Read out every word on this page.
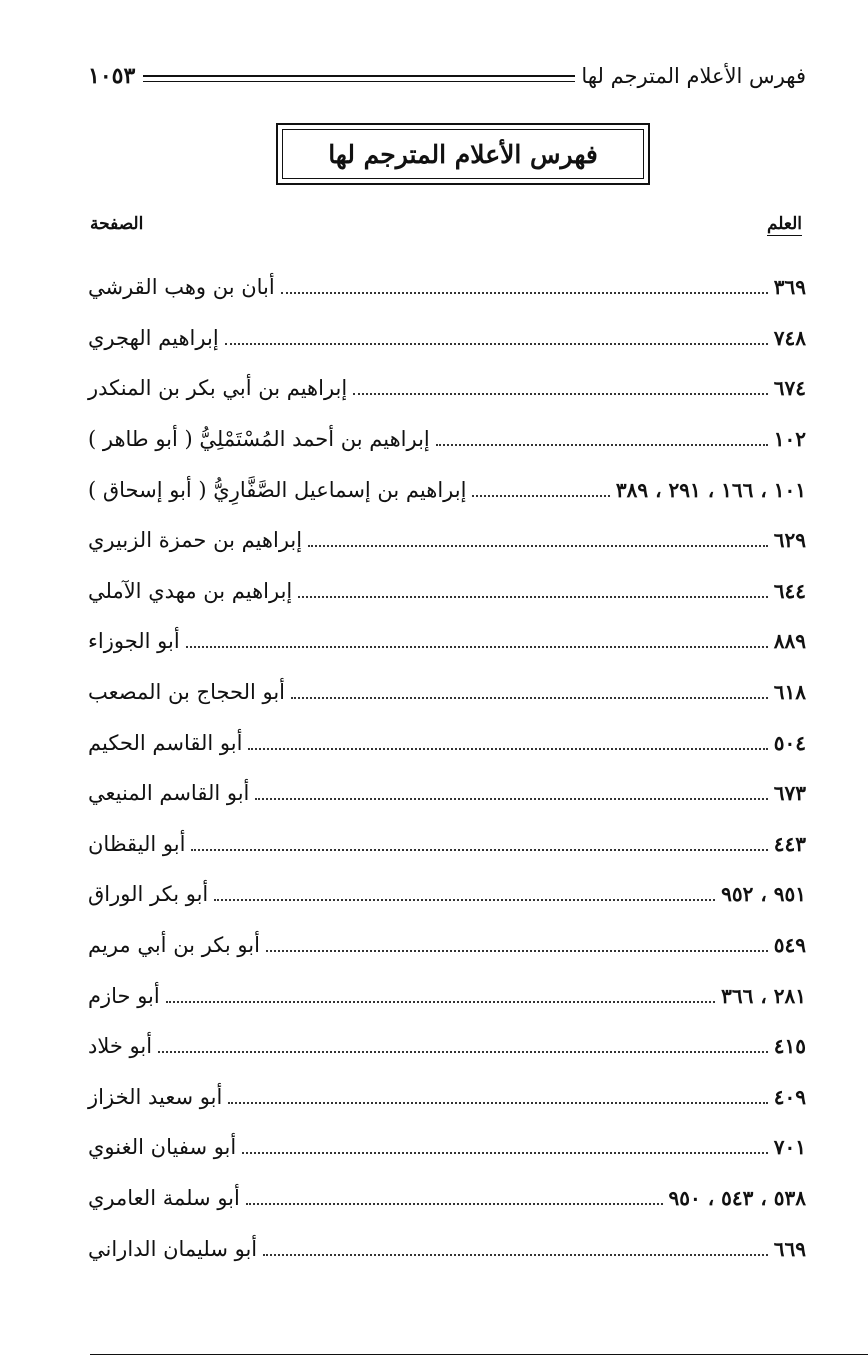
فهرس الأعلام المترجم لها
١٠٥٣
فهرس الأعلام المترجم لها
العلم
الصفحة
أبان بن وهب القرشي	٣٦٩
إبراهيم الهجري	٧٤٨
إبراهيم بن أبي بكر بن المنكدر	٦٧٤
إبراهيم بن أحمد المُسْتَمْلِيُّ ( أبو طاهر )	١٠٢
إبراهيم بن إسماعيل الصَّفَّارِيُّ ( أبو إسحاق )	١٠١ ، ١٦٦ ، ٢٩١ ، ٣٨٩
إبراهيم بن حمزة الزبيري	٦٢٩
إبراهيم بن مهدي الآملي	٦٤٤
أبو الجوزاء	٨٨٩
أبو الحجاج بن المصعب	٦١٨
أبو القاسم الحكيم	٥٠٤
أبو القاسم المنيعي	٦٧٣
أبو اليقظان	٤٤٣
أبو بكر الوراق	٩٥١ ، ٩٥٢
أبو بكر بن أبي مريم	٥٤٩
أبو حازم	٢٨١ ، ٣٦٦
أبو خلاد	٤١٥
أبو سعيد الخزاز	٤٠٩
أبو سفيان الغنوي	٧٠١
أبو سلمة العامري	٥٣٨ ، ٥٤٣ ، ٩٥٠
أبو سليمان الداراني	٦٦٩
